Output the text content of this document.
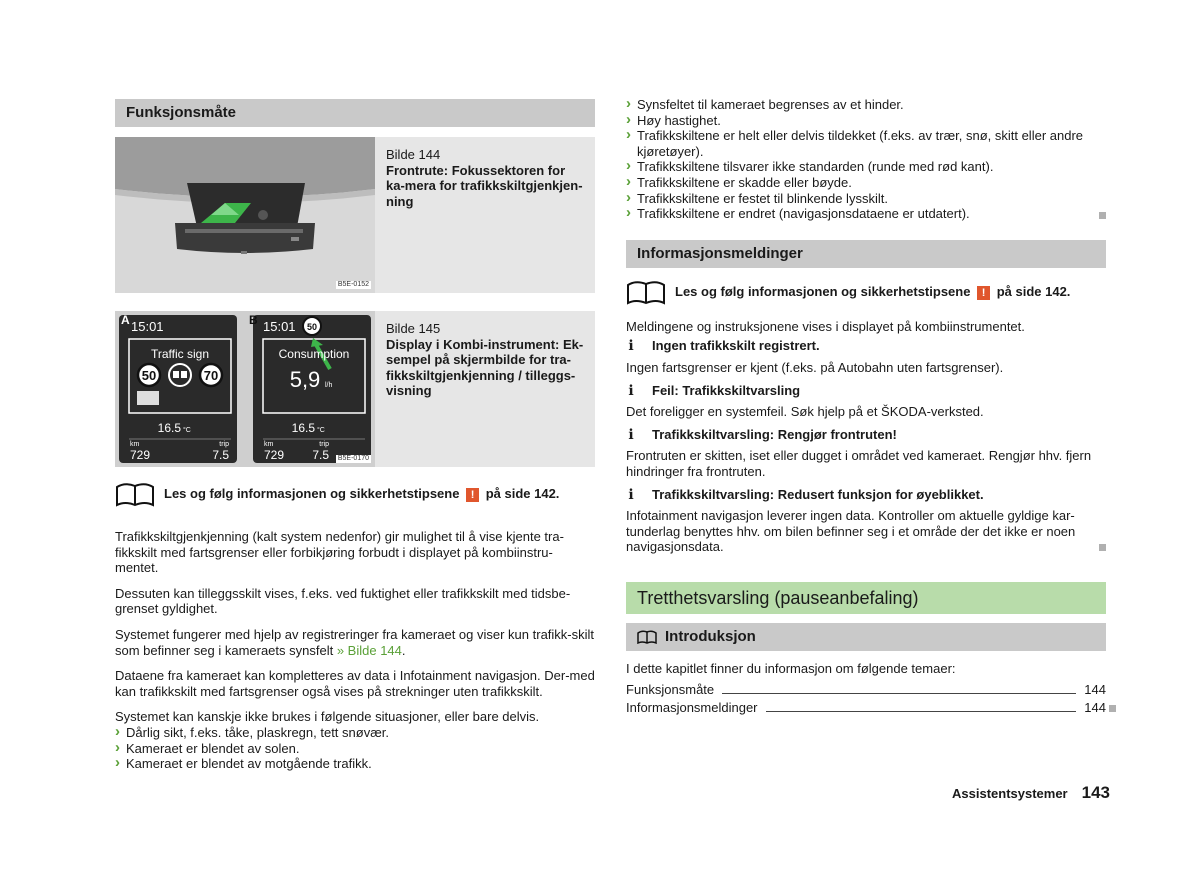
Funksjonsmåte
B5E-0152
Bilde 144
Frontrute: Fokussektoren for ka-mera for trafikkskiltgjenkjen-ning
A 15:01
Traffic sign
50	70
16.5 °C
km
729
trip
7.5
B 15:01 50
Consumption
5,9 l/h
16.5 °C
km
729
trip
7.5 B5E-0170
Bilde 145
Display i Kombi-instrument: Ek-sempel på skjermbilde for tra-fikkskiltgjenkjenning / tilleggs-visning
Les og følg informasjonen og sikkerhetstipsene ! på side 142.

Trafikkskiltgjenkjenning (kalt system nedenfor) gir mulighet til å vise kjente tra-fikkskilt med fartsgrenser eller forbikjøring forbudt i displayet på kombiinstru-mentet.

Dessuten kan tilleggsskilt vises, f.eks. ved fuktighet eller trafikkskilt med tidsbe-grenset gyldighet.

Systemet fungerer med hjelp av registreringer fra kameraet og viser kun trafikk-skilt som befinner seg i kameraets synsfelt » Bilde 144.

Dataene fra kameraet kan kompletteres av data i Infotainment navigasjon. Der-med kan trafikkskilt med fartsgrenser også vises på strekninger uten trafikkskilt.

Systemet kan kanskje ikke brukes i følgende situasjoner, eller bare delvis.

› Dårlig sikt, f.eks. tåke, plaskregn, tett snøvær.
› Kameraet er blendet av solen.
› Kameraet er blendet av motgående trafikk.
› Synsfeltet til kameraet begrenses av et hinder.
› Høy hastighet.
› Trafikkskiltene er helt eller delvis tildekket (f.eks. av trær, snø, skitt eller andre kjøretøyer).
› Trafikkskiltene tilsvarer ikke standarden (runde med rød kant).
› Trafikkskiltene er skadde eller bøyde.
› Trafikkskiltene er festet til blinkende lysskilt.
› Trafikkskiltene er endret (navigasjonsdataene er utdatert).
Informasjonsmeldinger
Les og følg informasjonen og sikkerhetstipsene ! på side 142.

Meldingene og instruksjonene vises i displayet på kombiinstrumentet.

ℹ Ingen trafikkskilt registrert.

Ingen fartsgrenser er kjent (f.eks. på Autobahn uten fartsgrenser).

ℹ Feil: Trafikkskiltvarsling

Det foreligger en systemfeil. Søk hjelp på et ŠKODA-verksted.

ℹ Trafikkskiltvarsling: Rengjør frontruten!

Frontruten er skitten, iset eller dugget i området ved kameraet. Rengjør hhv. fjern hindringer fra frontruten.

ℹ Trafikkskiltvarsling: Redusert funksjon for øyeblikket.

Infotainment navigasjon leverer ingen data. Kontroller om aktuelle gyldige kar-tunderlag benyttes hhv. om bilen befinner seg i et område der det ikke er noen navigasjonsdata.

Tretthetsvarsling (pauseanbefaling)
Introduksjon

I dette kapitlet finner du informasjon om følgende temaer:

Funksjonsmåte	144
Informasjonsmeldinger	144
Assistentsystemer 143
